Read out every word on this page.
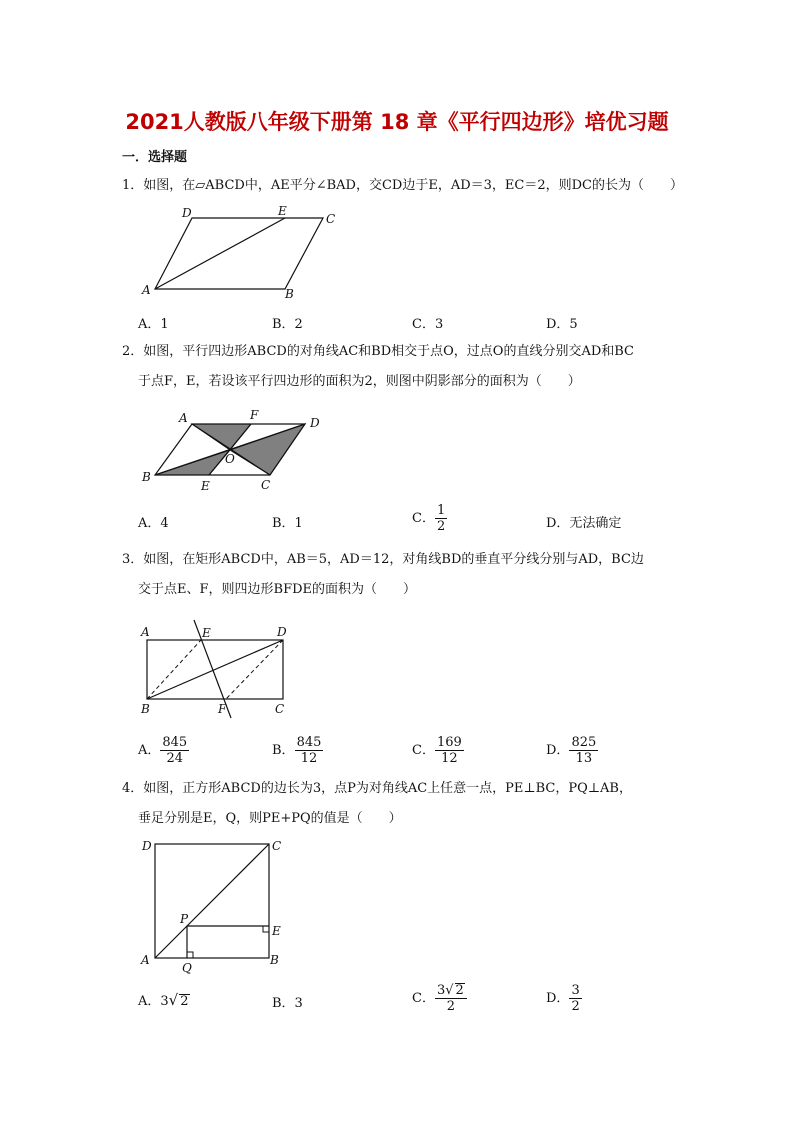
2021人教版八年级下册第 18 章《平行四边形》培优习题
一．选择题
1．如图，在▱ABCD中，AE平分∠BAD，交CD边于E，AD＝3，EC＝2，则DC的长为（　　）
A	B
C
D	E
A．1	B．2	C．3	D．5
2．如图，平行四边形ABCD的对角线AC和BD相交于点O，过点O的直线分别交AD和BC
于点F，E，若设该平行四边形的面积为2，则图中阴影部分的面积为（　　）
A	F
D
O
B
E	C
A．4	B．1	C． $\frac{1}{2}$	D．无法确定
3．如图，在矩形ABCD中，AB＝5，AD＝12，对角线BD的垂直平分线分别与AD，BC边
交于点E、F，则四边形BFDE的面积为（　　）
A	E	D
B	F	C
A． $\frac{845}{24}$	B． $\frac{845}{12}$	C． $\frac{169}{12}$	D． $\frac{825}{13}$
4．如图，正方形ABCD的边长为3，点P为对角线AC上任意一点，PE⊥BC，PQ⊥AB，
垂足分别是E，Q，则PE+PQ的值是（　　）
D	C
P
E
A
Q
B
A．3√ 2	B．3	C． $\frac{3√ 2}{2}$	D． $\frac{3}{2}$
